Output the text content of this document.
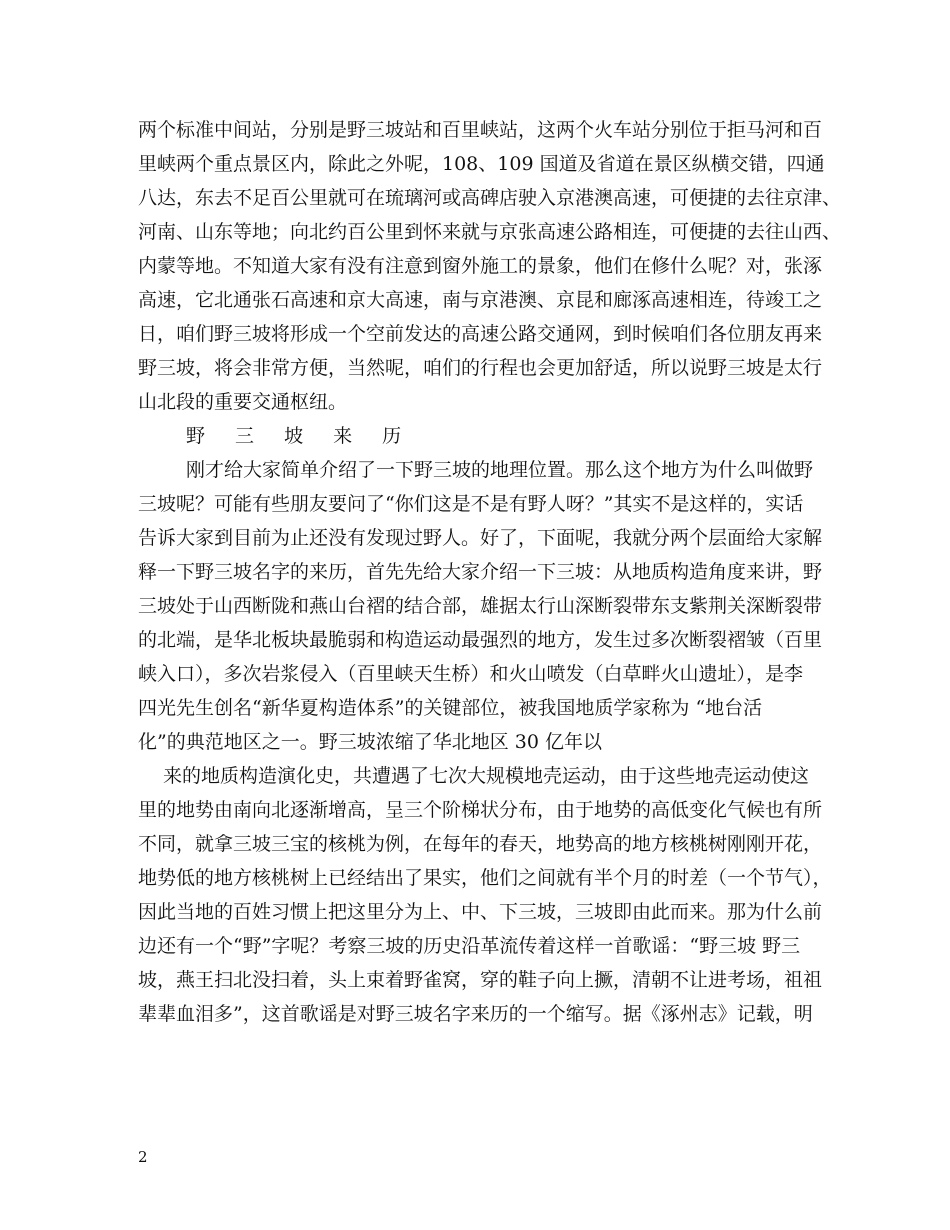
两个标准中间站，分别是野三坡站和百里峡站，这两个火车站分别位于拒马河和百
里峡两个重点景区内，除此之外呢，108、109 国道及省道在景区纵横交错，四通
八达，东去不足百公里就可在琉璃河或高碑店驶入京港澳高速，可便捷的去往京津、
河南、山东等地；向北约百公里到怀来就与京张高速公路相连，可便捷的去往山西、
内蒙等地。不知道大家有没有注意到窗外施工的景象，他们在修什么呢？对，张涿
高速，它北通张石高速和京大高速，南与京港澳、京昆和廊涿高速相连，待竣工之
日，咱们野三坡将形成一个空前发达的高速公路交通网，到时候咱们各位朋友再来
野三坡，将会非常方便，当然呢，咱们的行程也会更加舒适，所以说野三坡是太行
山北段的重要交通枢纽。
野 三 坡 来 历
刚才给大家简单介绍了一下野三坡的地理位置。那么这个地方为什么叫做野
三坡呢？可能有些朋友要问了“你们这是不是有野人呀？”其实不是这样的，实话
告诉大家到目前为止还没有发现过野人。好了，下面呢，我就分两个层面给大家解
释一下野三坡名字的来历，首先先给大家介绍一下三坡：从地质构造角度来讲，野
三坡处于山西断陇和燕山台褶的结合部，雄据太行山深断裂带东支紫荆关深断裂带
的北端，是华北板块最脆弱和构造运动最强烈的地方，发生过多次断裂褶皱（百里
峡入口），多次岩浆侵入（百里峡天生桥）和火山喷发（白草畔火山遗址），是李
四光先生创名“新华夏构造体系”的关键部位，被我国地质学家称为 “地台活
化”的典范地区之一。野三坡浓缩了华北地区 30 亿年以
来的地质构造演化史，共遭遇了七次大规模地壳运动，由于这些地壳运动使这
里的地势由南向北逐渐增高，呈三个阶梯状分布，由于地势的高低变化气候也有所
不同，就拿三坡三宝的核桃为例，在每年的春天，地势高的地方核桃树刚刚开花，
地势低的地方核桃树上已经结出了果实，他们之间就有半个月的时差（一个节气），
因此当地的百姓习惯上把这里分为上、中、下三坡，三坡即由此而来。那为什么前
边还有一个“野”字呢？考察三坡的历史沿革流传着这样一首歌谣：“野三坡 野三
坡，燕王扫北没扫着，头上束着野雀窝，穿的鞋子向上撅，清朝不让进考场，祖祖
辈辈血泪多”，这首歌谣是对野三坡名字来历的一个缩写。据《涿州志》记载，明
2
